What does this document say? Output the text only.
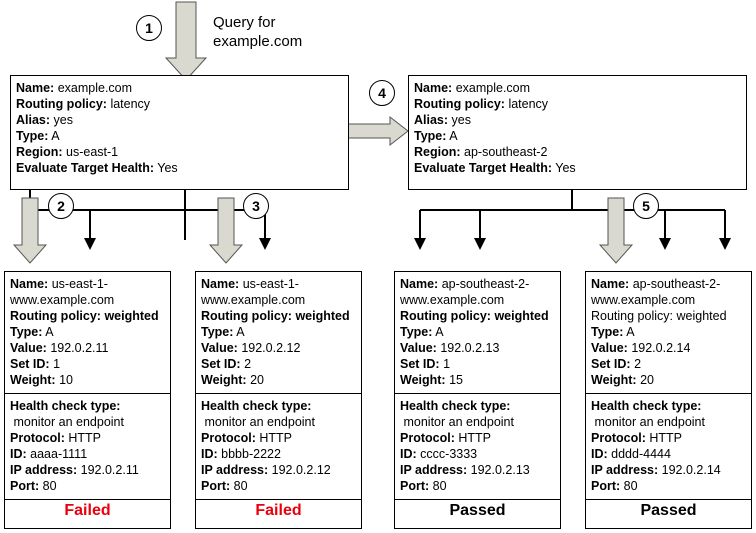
Query for
example.com
1
2	3
4
5
Name: example.com
Routing policy: latency
Alias: yes
Type: A
Region: us-east-1
Evaluate Target Health: Yes
Name: example.com
Routing policy: latency
Alias: yes
Type: A
Region: ap-southeast-2
Evaluate Target Health: Yes
Name: us-east-1-
www.example.com
Routing policy: weighted
Type: A
Value: 192.0.2.11
Set ID: 1
Weight: 10
Health check type:
monitor an endpoint
Protocol: HTTP
ID: aaaa-1111
IP address: 192.0.2.11
Port: 80
Failed
Name: us-east-1-
www.example.com
Routing policy: weighted
Type: A
Value: 192.0.2.12
Set ID: 2
Weight: 20
Health check type:
monitor an endpoint
Protocol: HTTP
ID: bbbb-2222
IP address: 192.0.2.12
Port: 80
Failed
Name: ap-southeast-2-
www.example.com
Routing policy: weighted
Type: A
Value: 192.0.2.13
Set ID: 1
Weight: 15
Health check type:
monitor an endpoint
Protocol: HTTP
ID: cccc-3333
IP address: 192.0.2.13
Port: 80
Passed
Name: ap-southeast-2-
www.example.com
Routing policy: weighted
Type: A
Value: 192.0.2.14
Set ID: 2
Weight: 20
Health check type:
monitor an endpoint
Protocol: HTTP
ID: dddd-4444
IP address: 192.0.2.14
Port: 80
Passed
